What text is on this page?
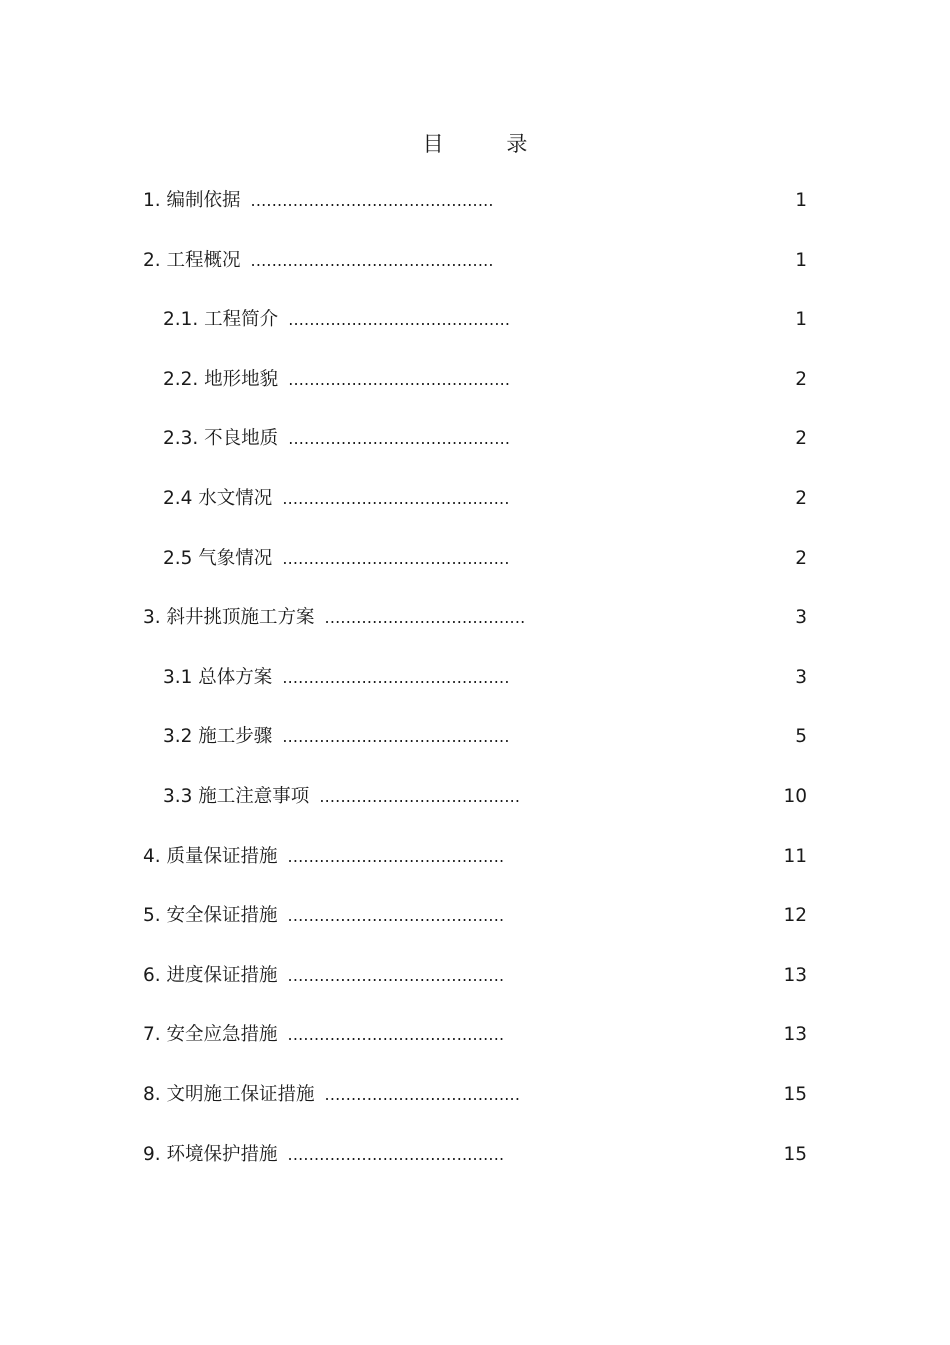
目 录
1. 编制依据 ..............................................	1
2. 工程概况 ..............................................	1
2.1. 工程简介 ..........................................	1
2.2. 地形地貌 ..........................................	2
2.3. 不良地质 ..........................................	2
2.4 水文情况 ...........................................	2
2.5 气象情况 ...........................................	2
3. 斜井挑顶施工方案 ......................................	3
3.1 总体方案 ...........................................	3
3.2 施工步骤 ...........................................	5
3.3 施工注意事项 ......................................	10
4. 质量保证措施 .........................................	11
5. 安全保证措施 .........................................	12
6. 进度保证措施 .........................................	13
7. 安全应急措施 .........................................	13
8. 文明施工保证措施 .....................................	15
9. 环境保护措施 .........................................	15
